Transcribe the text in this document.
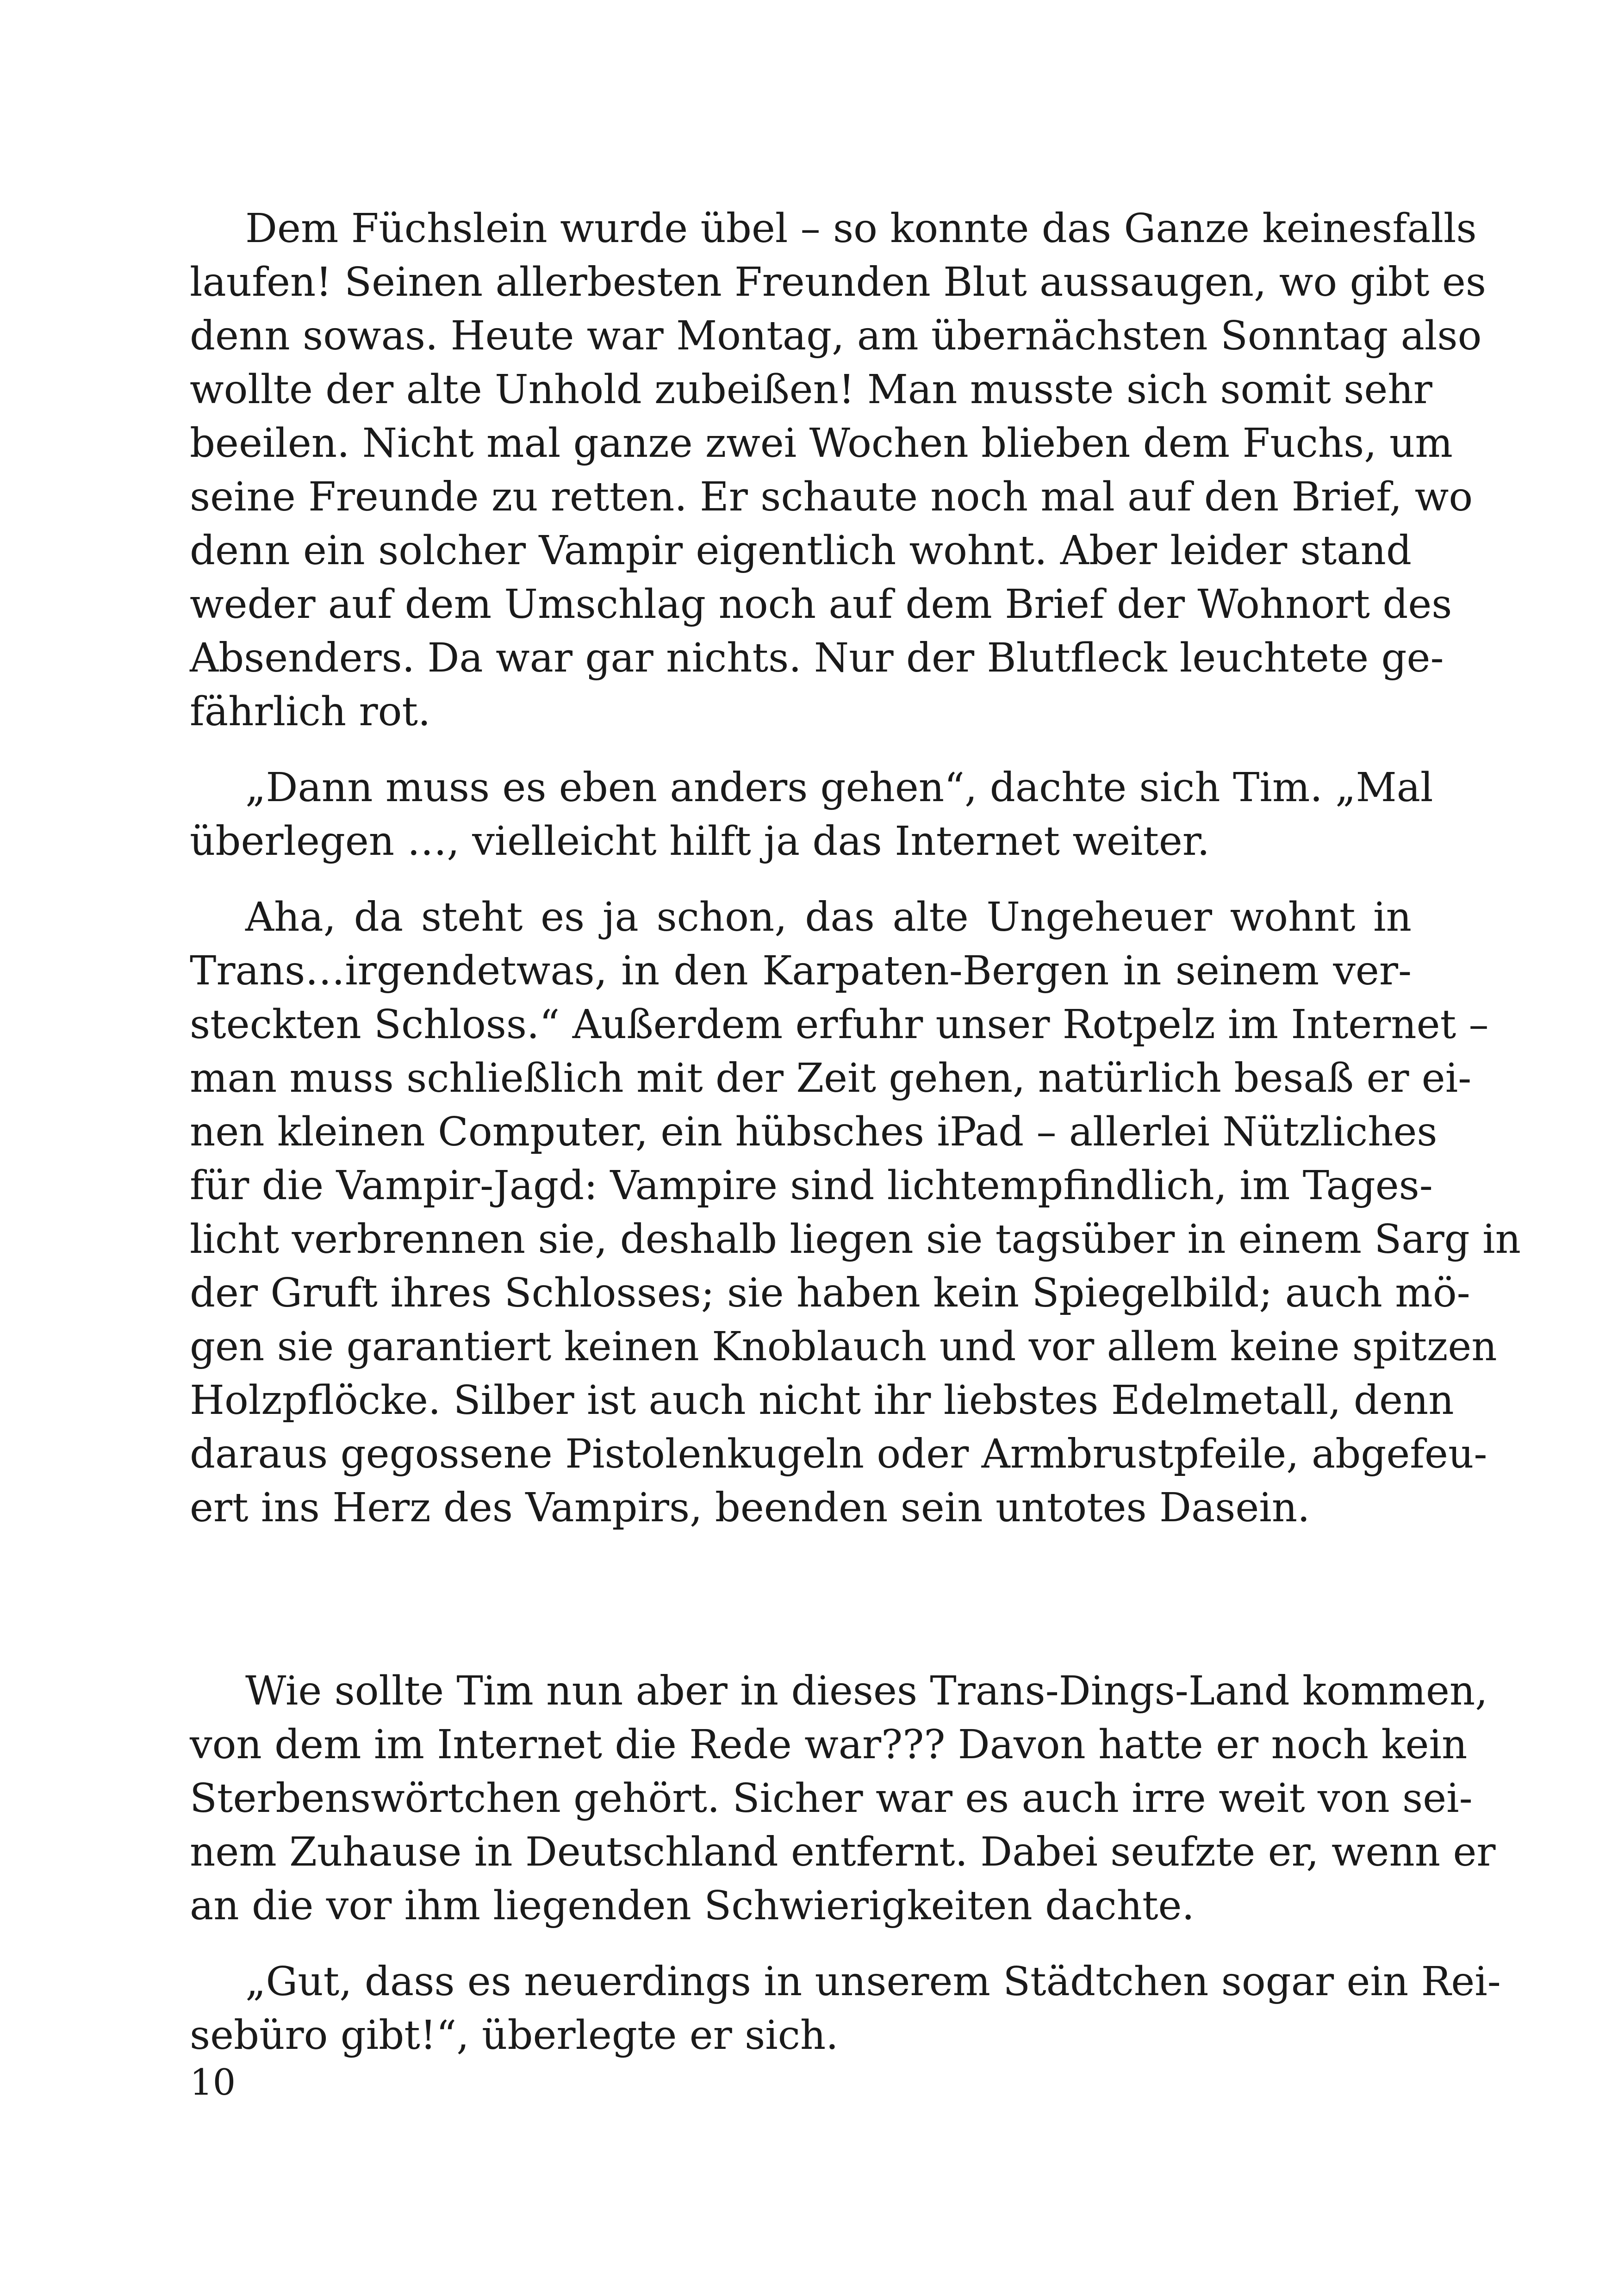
Dem Füchslein wurde übel – so konnte das Ganze keinesfalls
laufen! Seinen allerbesten Freunden Blut aussaugen, wo gibt es
denn sowas. Heute war Montag, am übernächsten Sonntag also
wollte der alte Unhold zubeißen! Man musste sich somit sehr
beeilen. Nicht mal ganze zwei Wochen blieben dem Fuchs, um
seine Freunde zu retten. Er schaute noch mal auf den Brief, wo
denn ein solcher Vampir eigentlich wohnt. Aber leider stand
weder auf dem Umschlag noch auf dem Brief der Wohnort des
Absenders. Da war gar nichts. Nur der Blutfleck leuchtete ge-
fährlich rot.

„Dann muss es eben anders gehen“, dachte sich Tim. „Mal
überlegen …, vielleicht hilft ja das Internet weiter.

Aha, da steht es ja schon, das alte Ungeheuer wohnt in
Trans…irgendetwas, in den Karpaten-Bergen in seinem ver-
steckten Schloss.“ Außerdem erfuhr unser Rotpelz im Internet –
man muss schließlich mit der Zeit gehen, natürlich besaß er ei-
nen kleinen Computer, ein hübsches iPad – allerlei Nützliches
für die Vampir-Jagd: Vampire sind lichtempfindlich, im Tages-
licht verbrennen sie, deshalb liegen sie tagsüber in einem Sarg in
der Gruft ihres Schlosses; sie haben kein Spiegelbild; auch mö-
gen sie garantiert keinen Knoblauch und vor allem keine spitzen
Holzpflöcke. Silber ist auch nicht ihr liebstes Edelmetall, denn
daraus gegossene Pistolenkugeln oder Armbrustpfeile, abgefeu-
ert ins Herz des Vampirs, beenden sein untotes Dasein.

Wie sollte Tim nun aber in dieses Trans-Dings-Land kommen,
von dem im Internet die Rede war??? Davon hatte er noch kein
Sterbenswörtchen gehört. Sicher war es auch irre weit von sei-
nem Zuhause in Deutschland entfernt. Dabei seufzte er, wenn er
an die vor ihm liegenden Schwierigkeiten dachte.

„Gut, dass es neuerdings in unserem Städtchen sogar ein Rei-
sebüro gibt!“, überlegte er sich.

10
